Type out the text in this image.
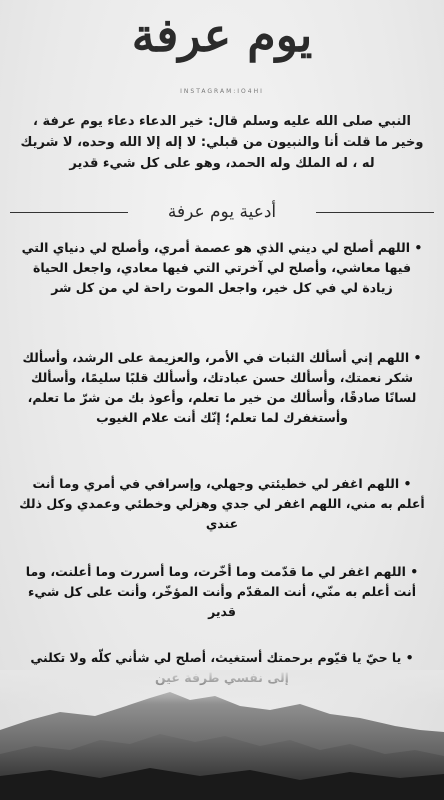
يوم عرفة
INSTAGRAM:IO4HI

النبي صلى الله عليه وسلم قال: خير الدعاء دعاء يوم عرفة ، وخير ما قلت أنا والنبيون من قبلي: لا إله إلا الله وحده، لا شريك له ، له الملك وله الحمد، وهو على كل شيء قدير

أدعية يوم عرفة

• اللهم أصلح لي ديني الذي هو عصمة أمري، وأصلح لي دنياي التي فيها معاشي، وأصلح لي آخرتي التي فيها معادي، واجعل الحياة زيادة لي في كل خير، واجعل الموت راحة لي من كل شر

• اللهم إني أسألك الثبات في الأمر، والعزيمة على الرشد، وأسألك شكر نعمتك، وأسألك حسن عبادتك، وأسألك قلبًا سليمًا، وأسألك لسانًا صادقًا، وأسألك من خير ما تعلم، وأعوذ بك من شرّ ما تعلم، وأستغفرك لما تعلم؛ إنّك أنت علام الغيوب

• اللهم اغفر لي خطيئتي وجهلي، وإسرافي في أمري وما أنت أعلم به مني، اللهم اغفر لي جدي وهزلي وخطئي وعمدي وكل ذلك عندي

• اللهم اغفر لي ما قدّمت وما أخّرت، وما أسررت وما أعلنت، وما أنت أعلم به منّي، أنت المقدّم وأنت المؤخّر، وأنت على كل شيء قدير

• يا حيّ يا قيّوم برحمتك أستغيث، أصلح لي شأني كلّه ولا تكلني
